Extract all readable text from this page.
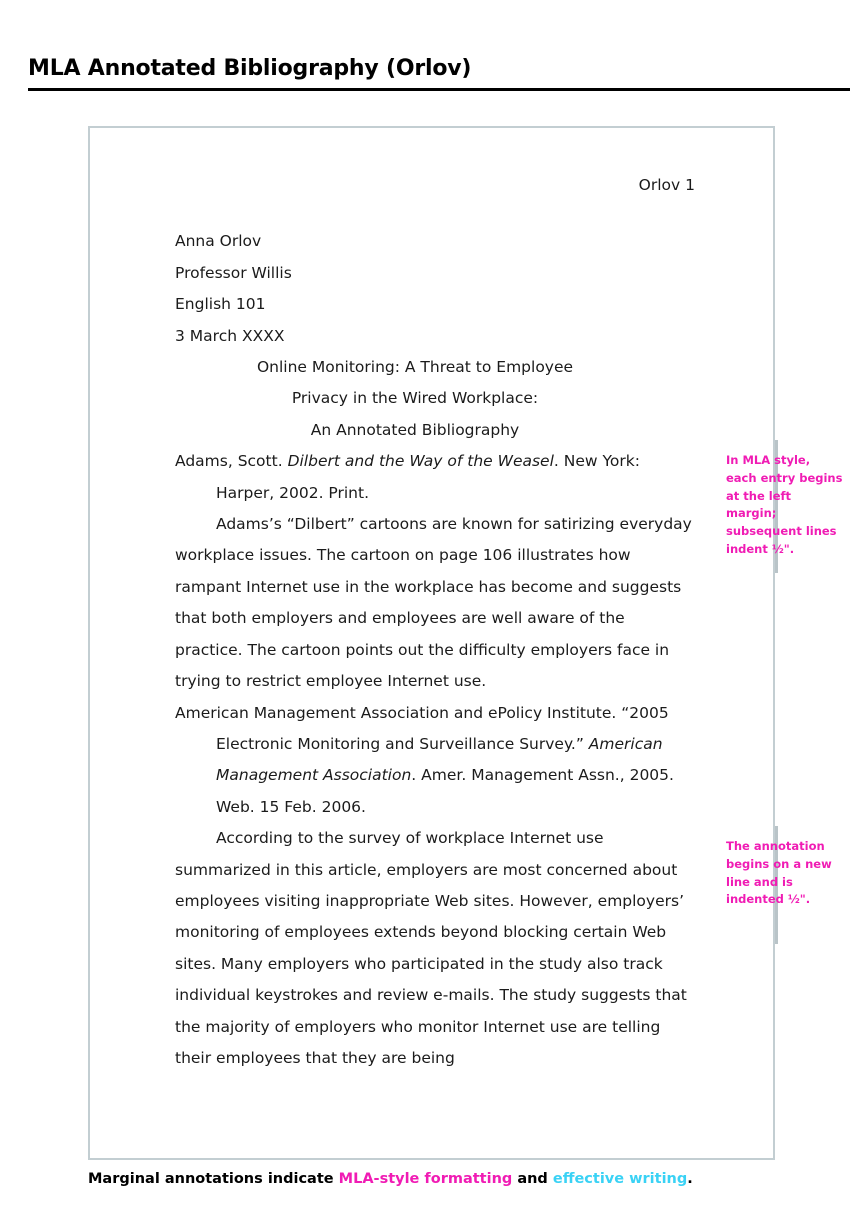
MLA Annotated Bibliography (Orlov)
Orlov 1
Anna Orlov
Professor Willis
English 101
3 March XXXX
Online Monitoring: A Threat to Employee
Privacy in the Wired Workplace:
An Annotated Bibliography
Adams, Scott. Dilbert and the Way of the Weasel. New York: Harper, 2002. Print.
Adams’s “Dilbert” cartoons are known for satirizing everyday workplace issues. The cartoon on page 106 illustrates how rampant Internet use in the workplace has become and suggests that both employers and employees are well aware of the practice. The cartoon points out the difficulty employers face in trying to restrict employee Internet use.
American Management Association and ePolicy Institute. “2005 Electronic Monitoring and Surveillance Survey.” American Management Association. Amer. Management Assn., 2005. Web. 15 Feb. 2006.
According to the survey of workplace Internet use summarized in this article, employers are most concerned about employees visiting inappropriate Web sites. However, employers’ monitoring of employees extends beyond blocking certain Web sites. Many employers who participated in the study also track individual keystrokes and review e-mails. The study suggests that the majority of employers who monitor Internet use are telling their employees that they are being
In MLA style, each entry begins at the left margin; subsequent lines indent ½".
The annotation begins on a new line and is indented ½".
Marginal annotations indicate MLA-style formatting and effective writing.
